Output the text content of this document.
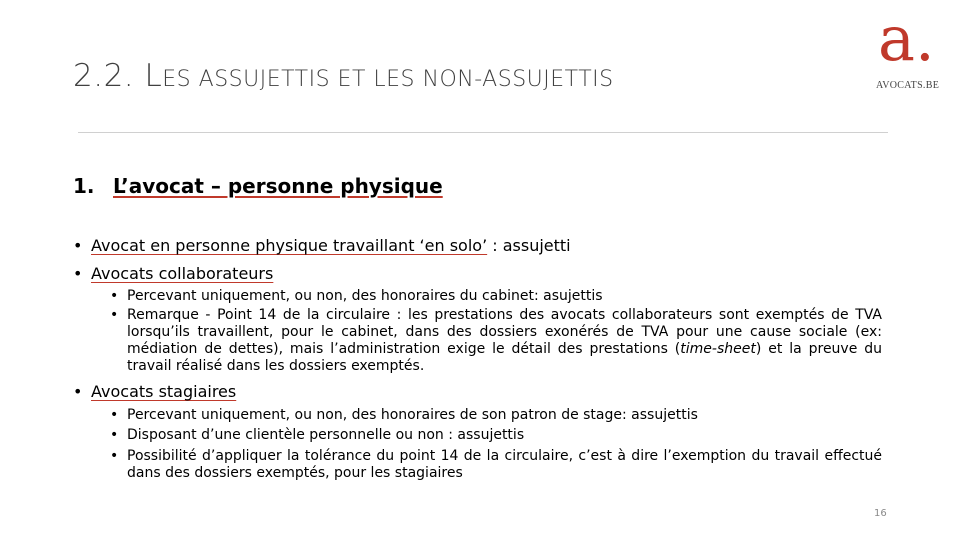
2.2. LES ASSUJETTIS ET LES NON-ASSUJETTIS
a.
AVOCATS.BE
1. L’avocat – personne physique
• Avocat en personne physique travaillant ‘en solo’ : assujetti
• Avocats collaborateurs
• Percevant uniquement, ou non, des honoraires du cabinet: asujettis
• Remarque - Point 14 de la circulaire : les prestations des avocats collaborateurs sont exemptés de TVA lorsqu’ils travaillent, pour le cabinet, dans des dossiers exonérés de TVA pour une cause sociale (ex: médiation de dettes), mais l’administration exige le détail des prestations (time-sheet) et la preuve du travail réalisé dans les dossiers exemptés.
• Avocats stagiaires
• Percevant uniquement, ou non, des honoraires de son patron de stage: assujettis
• Disposant d’une clientèle personnelle ou non : assujettis
• Possibilité d’appliquer la tolérance du point 14 de la circulaire, c’est à dire l’exemption du travail effectué dans des dossiers exemptés, pour les stagiaires
16
